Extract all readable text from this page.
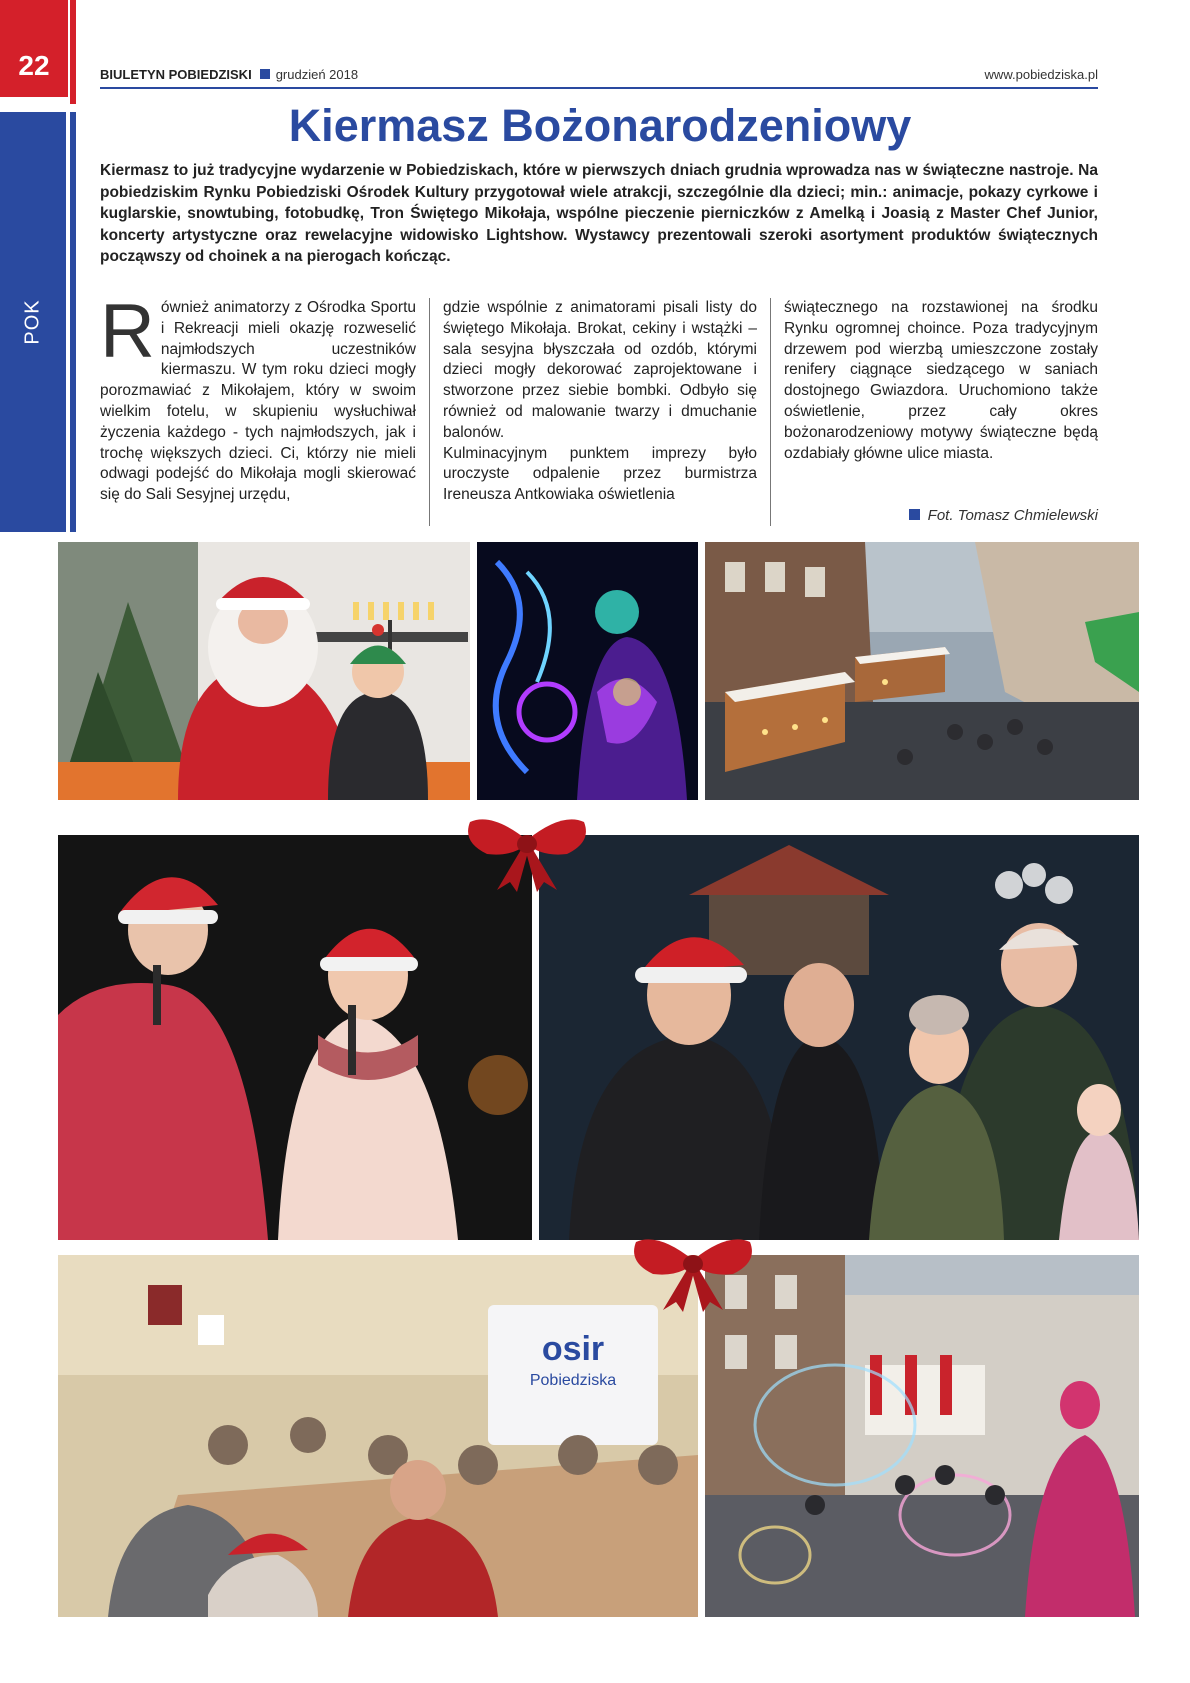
22
POK
BIULETYN POBIEDZISKI grudzień 2018	www.pobiedziska.pl
Kiermasz Bożonarodzeniowy
Kiermasz to już tradycyjne wydarzenie w Pobiedziskach, które w pierwszych dniach grudnia wprowadza nas w świąteczne nastroje. Na pobiedziskim Rynku Pobiedziski Ośrodek Kultury przygotował wiele atrakcji, szczególnie dla dzieci; min.: animacje, pokazy cyrkowe i kuglarskie, snowtubing, fotobudkę, Tron Świętego Mikołaja, wspólne pieczenie pierniczków z Amelką i Joasią z Master Chef Junior, koncerty artystyczne oraz rewelacyjne widowisko Lightshow. Wystawcy prezentowali szeroki asortyment produktów świątecznych począwszy od choinek a na pierogach kończąc.
R ównież animatorzy z Ośrodka Sportu i Rekreacji mieli okazję rozweselić najmłodszych uczestników kiermaszu. W tym roku dzieci mogły porozmawiać z Mikołajem, który w swoim wielkim fotelu, w skupieniu wysłuchiwał życzenia każdego - tych najmłodszych, jak i trochę większych dzieci. Ci, którzy nie mieli odwagi podejść do Mikołaja mogli skierować się do Sali Sesyjnej urzędu,

gdzie wspólnie z animatorami pisali listy do świętego Mikołaja. Brokat, cekiny i wstążki – sala sesyjna błyszczała od ozdób, którymi dzieci mogły dekorować zaprojektowane i stworzone przez siebie bombki. Odbyło się również od malowanie twarzy i dmuchanie balonów.

Kulminacyjnym punktem imprezy było uroczyste odpalenie przez burmistrza Ireneusza Antkowiaka oświetlenia

świątecznego na rozstawionej na środku Rynku ogromnej choince. Poza tradycyjnym drzewem pod wierzbą umieszczone zostały renifery ciągnące siedzącego w saniach dostojnego Gwiazdora. Uruchomiono także oświetlenie, przez cały okres bożonarodzeniowy motywy świąteczne będą ozdabiały główne ulice miasta.

Fot. Tomasz Chmielewski
osir
Pobiedziska
